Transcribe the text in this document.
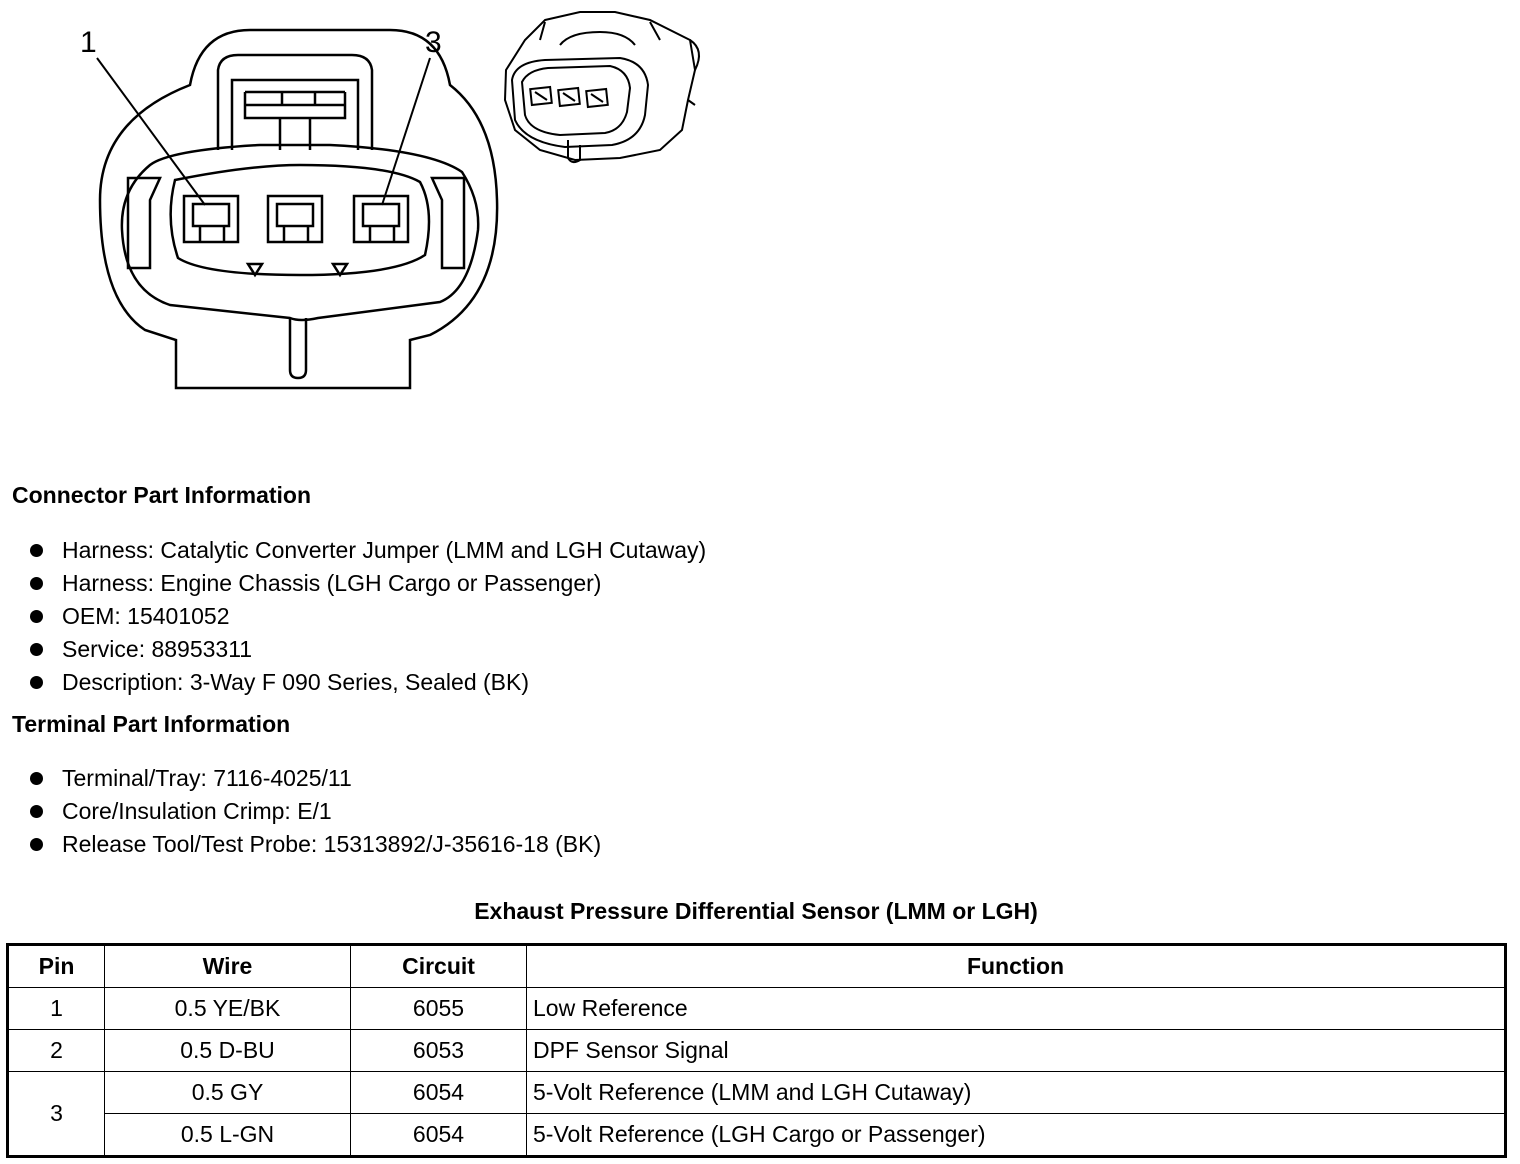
1	3
Connector Part Information
Harness: Catalytic Converter Jumper (LMM and LGH Cutaway)
Harness: Engine Chassis (LGH Cargo or Passenger)
OEM: 15401052
Service: 88953311
Description: 3-Way F 090 Series, Sealed (BK)
Terminal Part Information
Terminal/Tray: 7116-4025/11
Core/Insulation Crimp: E/1
Release Tool/Test Probe: 15313892/J-35616-18 (BK)
Exhaust Pressure Differential Sensor (LMM or LGH)
Pin	Wire	Circuit	Function
1	0.5 YE/BK	6055	Low Reference
2	0.5 D-BU	6053	DPF Sensor Signal
3	0.5 GY	6054	5-Volt Reference (LMM and LGH Cutaway)
	0.5 L-GN	6054	5-Volt Reference (LGH Cargo or Passenger)
